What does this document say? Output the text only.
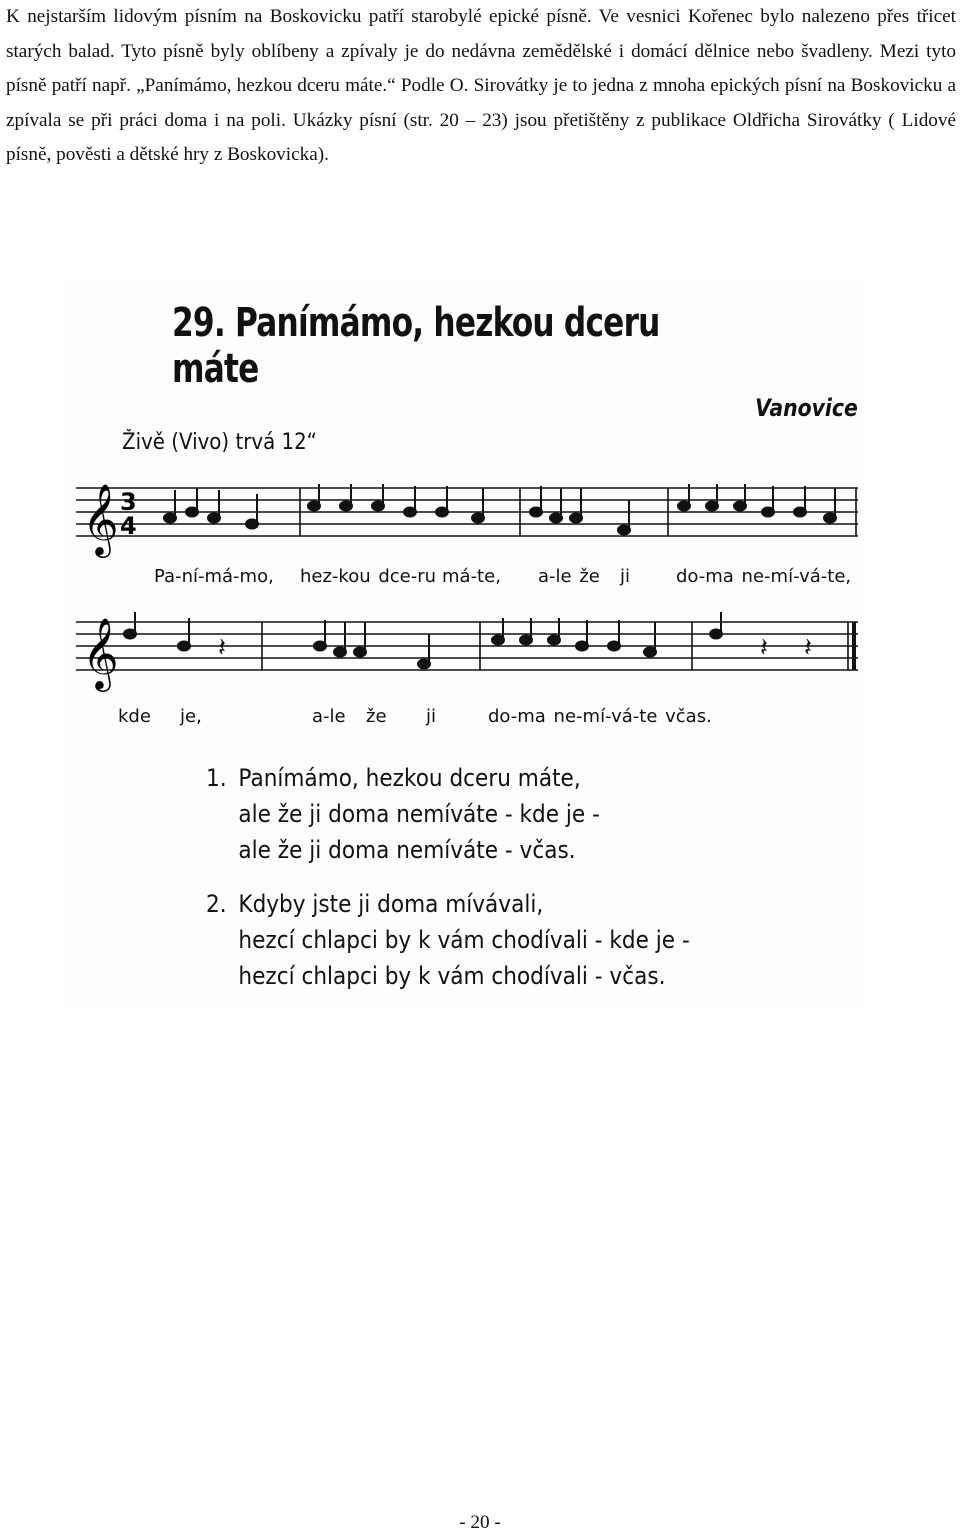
K nejstarším lidovým písním na Boskovicku patří starobylé epické písně. Ve vesnici Kořenec bylo nalezeno přes třicet starých balad. Tyto písně byly oblíbeny a zpívaly je do nedávna zemědělské i domácí dělnice nebo švadleny. Mezi tyto písně patří např. „Panímámo, hezkou dceru máte.“ Podle O. Sirovátky je to jedna z mnoha epických písní na Boskovicku a zpívala se při práci doma i na poli. Ukázky písní (str. 20 – 23) jsou přetištěny z publikace Oldřicha Sirovátky ( Lidové písně, pověsti a dětské hry z Boskovicka).

29. Panímámo, hezkou dceru máte
Vanovice
Živě (Vivo) trvá 12“
𝄞 3
4
Pa-ní-má-mo, hez-kou dce-ru má-te, a-le že ji	do-ma ne-mí-vá-te,
𝄞	𝄽	𝄽 𝄽
kde je,	a-le že ji	do-ma ne-mí-vá-te včas.
1. Panímámo, hezkou dceru máte,
ale že ji doma nemíváte - kde je -
ale že ji doma nemíváte - včas.
2. Kdyby jste ji doma mívávali,
hezcí chlapci by k vám chodívali - kde je -
hezcí chlapci by k vám chodívali - včas.
- 20 -
